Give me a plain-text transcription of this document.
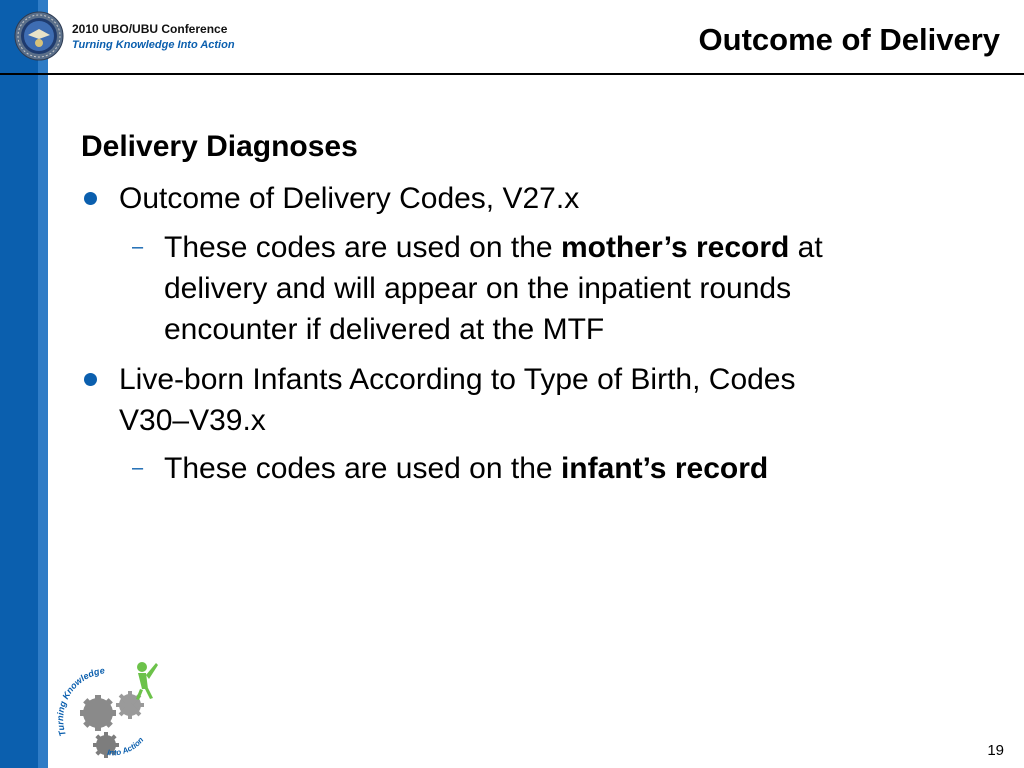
2010 UBO/UBU Conference
Turning Knowledge Into Action	Outcome of Delivery
Delivery Diagnoses
Outcome of Delivery Codes, V27.x
– These codes are used on the mother’s record at
delivery and will appear on the inpatient rounds
encounter if delivered at the MTF
Live-born Infants According to Type of Birth, Codes
V30–V39.x
– These codes are used on the infant’s record
Turning Knowledge
Into Action
19
